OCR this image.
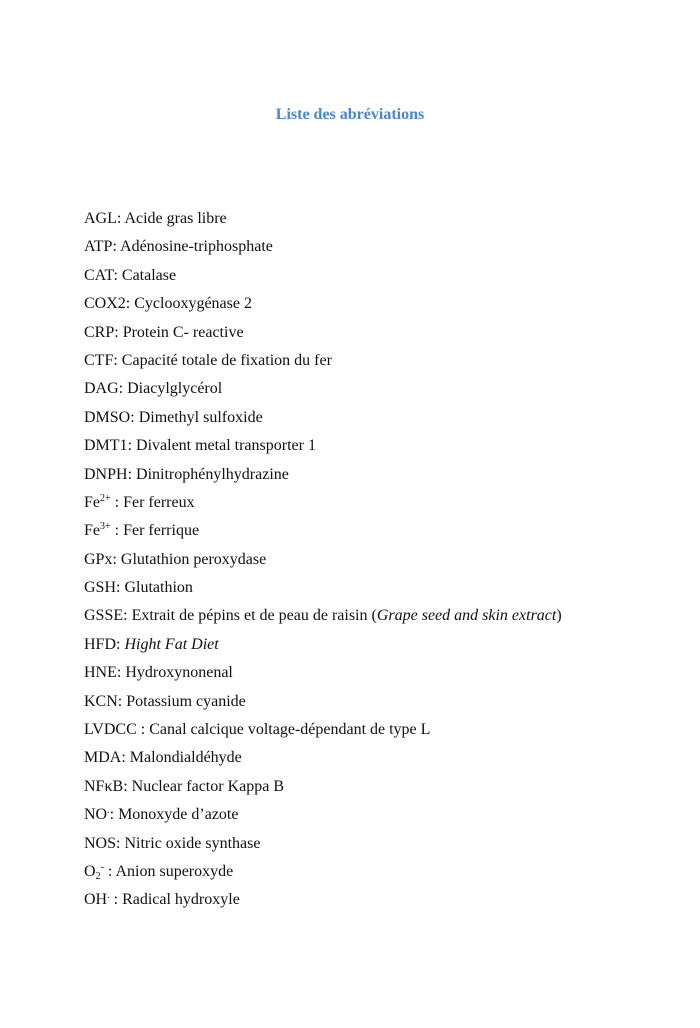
Liste des abréviations
AGL: Acide gras libre
ATP: Adénosine-triphosphate
CAT: Catalase
COX2: Cyclooxygénase 2
CRP: Protein C- reactive
CTF: Capacité totale de fixation du fer
DAG: Diacylglycérol
DMSO: Dimethyl sulfoxide
DMT1: Divalent metal transporter 1
DNPH: Dinitrophénylhydrazine
$Fe^{2+}$ : Fer ferreux
$Fe^{3+}$ : Fer ferrique
GPx: Glutathion peroxydase
GSH: Glutathion
GSSE: Extrait de pépins et de peau de raisin (Grape seed and skin extract)
HFD: Hight Fat Diet
HNE: Hydroxynonenal
KCN: Potassium cyanide
LVDCC : Canal calcique voltage-dépendant de type L
MDA: Malondialdéhyde
NFκB: Nuclear factor Kappa B
NO.: Monoxyde d’azote
NOS: Nitric oxide synthase
$O_2^-$ : Anion superoxyde
OH. : Radical hydroxyle
